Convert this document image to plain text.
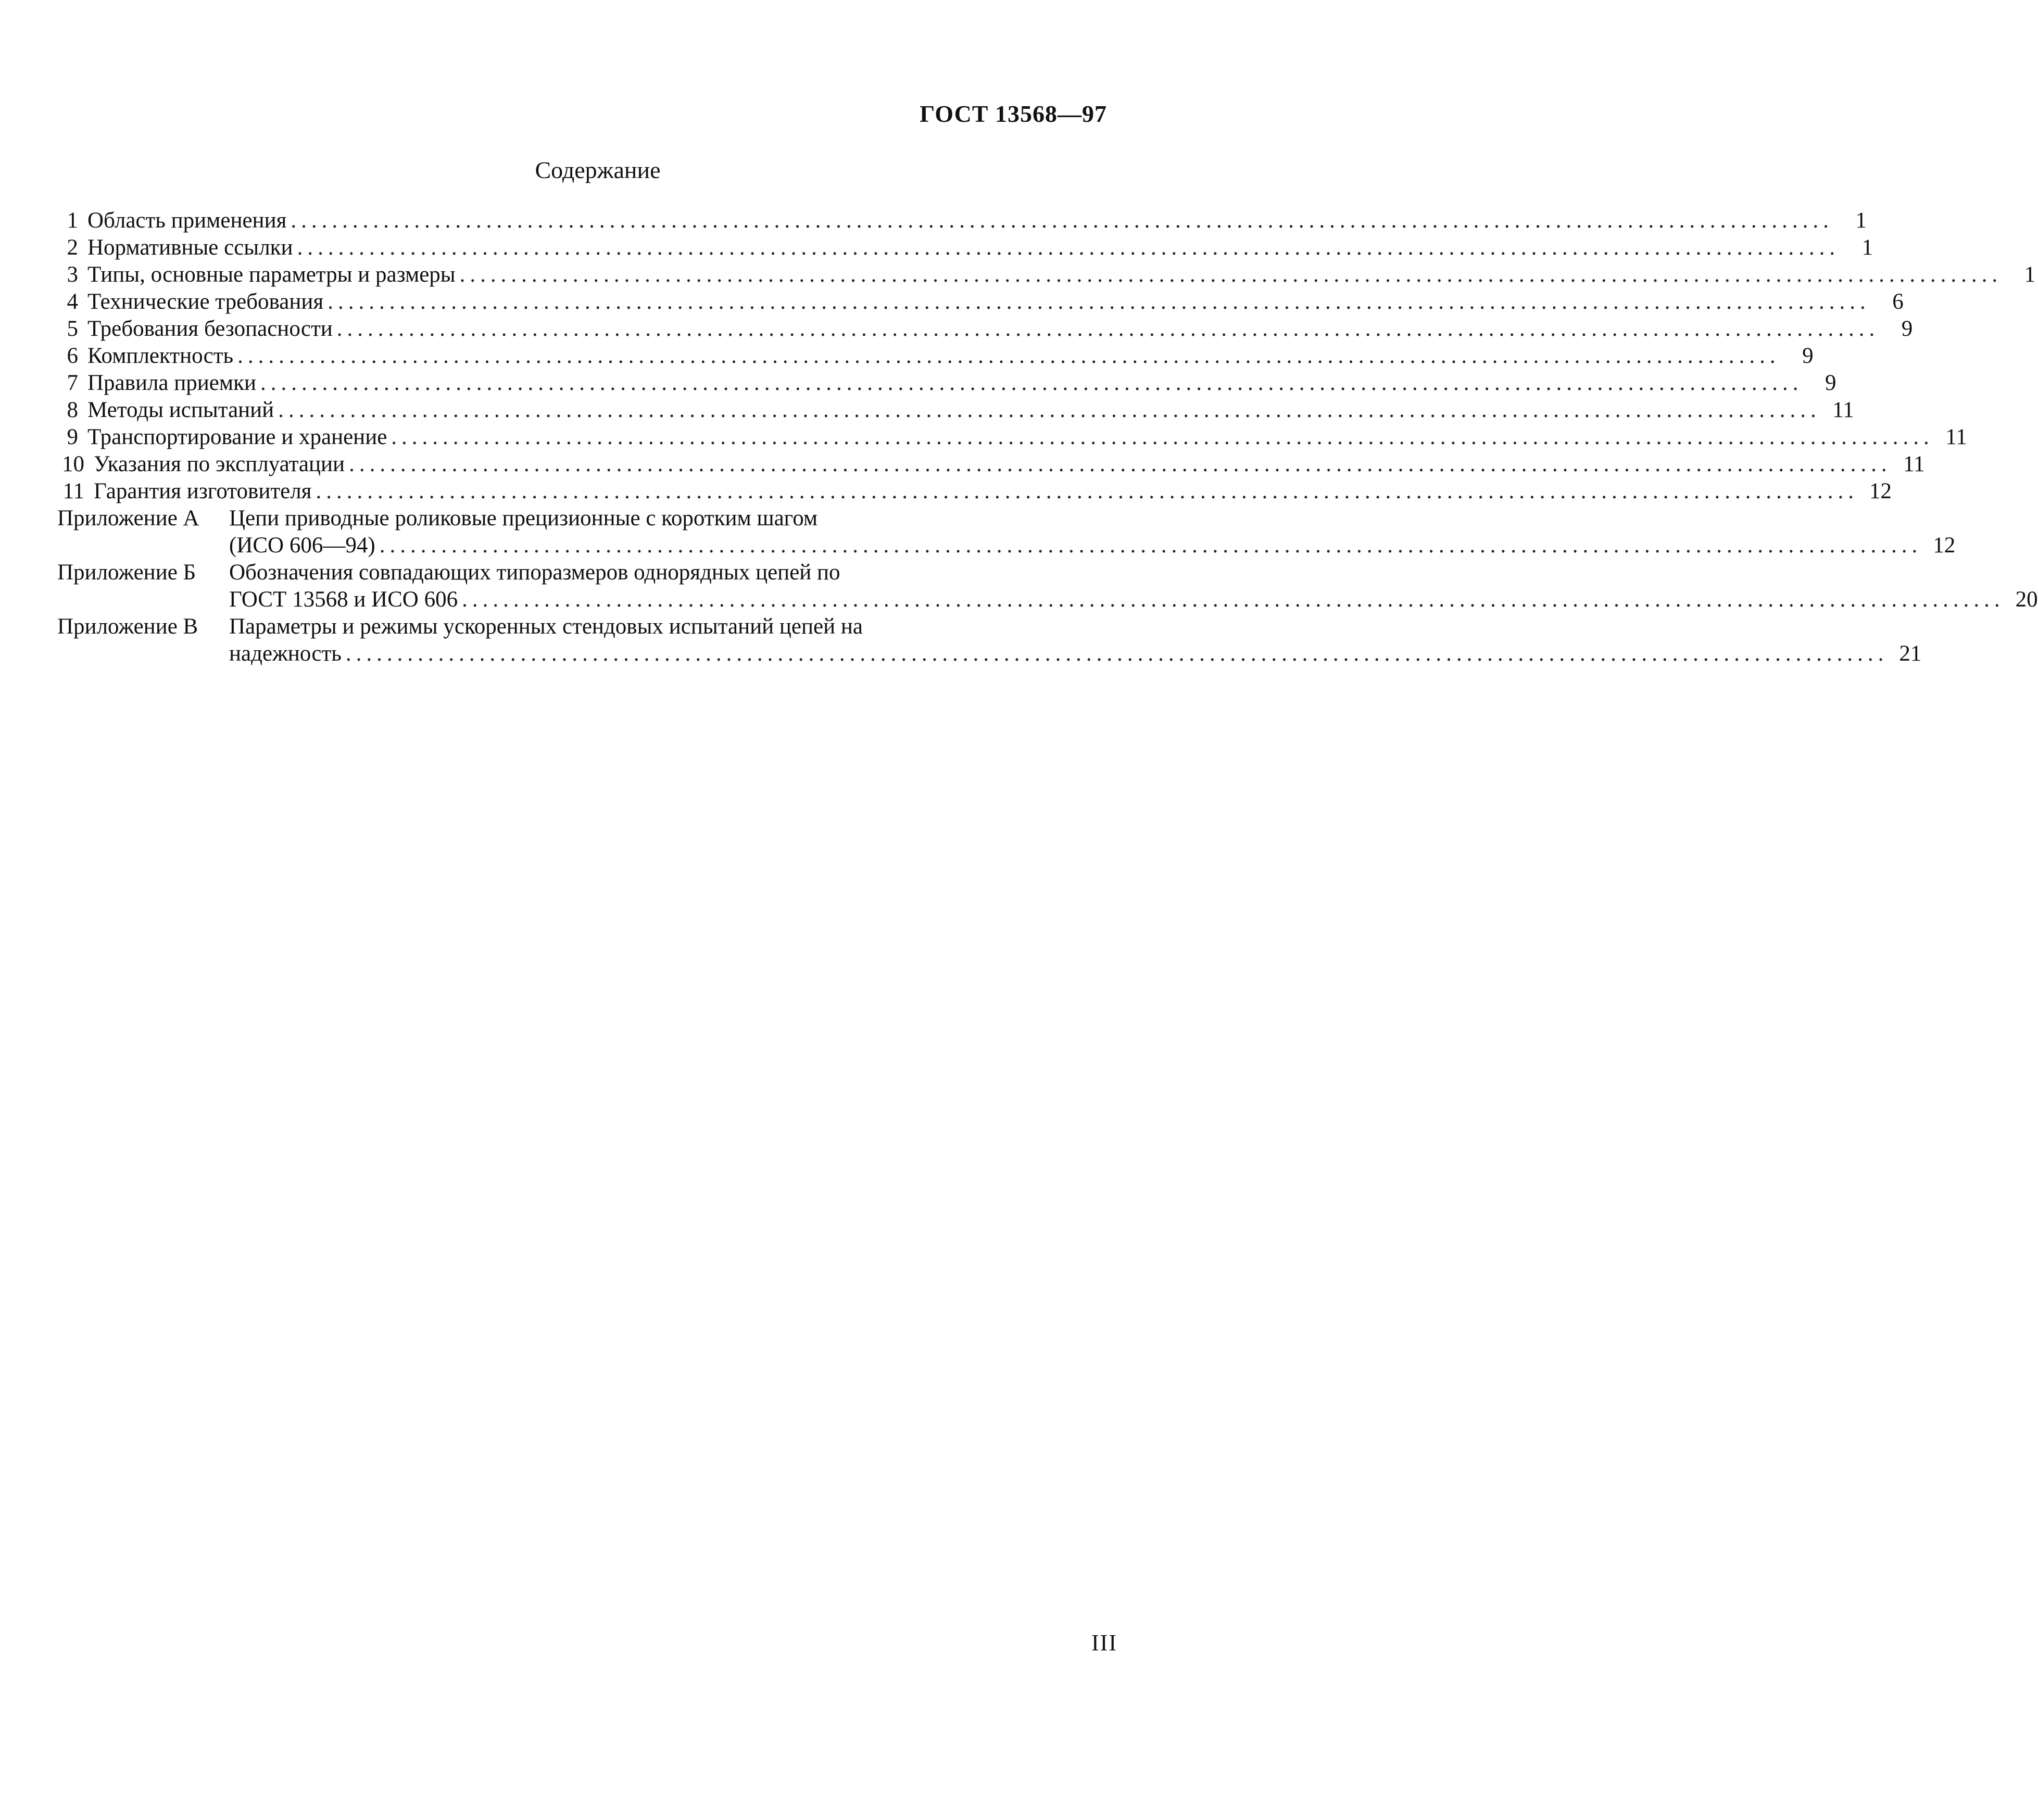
ГОСТ 13568—97
Содержание
1 Область применения ...................................................................................................................................................... 1
2 Нормативные ссылки ...................................................................................................................................................... 1
3 Типы, основные параметры и размеры ...................................................................................................................................................... 1
4 Технические требования ...................................................................................................................................................... 6
5 Требования безопасности ...................................................................................................................................................... 9
6 Комплектность ...................................................................................................................................................... 9
7 Правила приемки ...................................................................................................................................................... 9
8 Методы испытаний ...................................................................................................................................................... 11
9 Транспортирование и хранение ...................................................................................................................................................... 11
10 Указания по эксплуатации ...................................................................................................................................................... 11
11 Гарантия изготовителя ...................................................................................................................................................... 12
Приложение А	Цепи приводные роликовые прецизионные с коротким шагом
(ИСО 606—94) ...................................................................................................................................................... 12
Приложение Б	Обозначения совпадающих типоразмеров однорядных цепей по
ГОСТ 13568 и ИСО 606 ...................................................................................................................................................... 20
Приложение В	Параметры и режимы ускоренных стендовых испытаний цепей на
надежность ...................................................................................................................................................... 21
III
